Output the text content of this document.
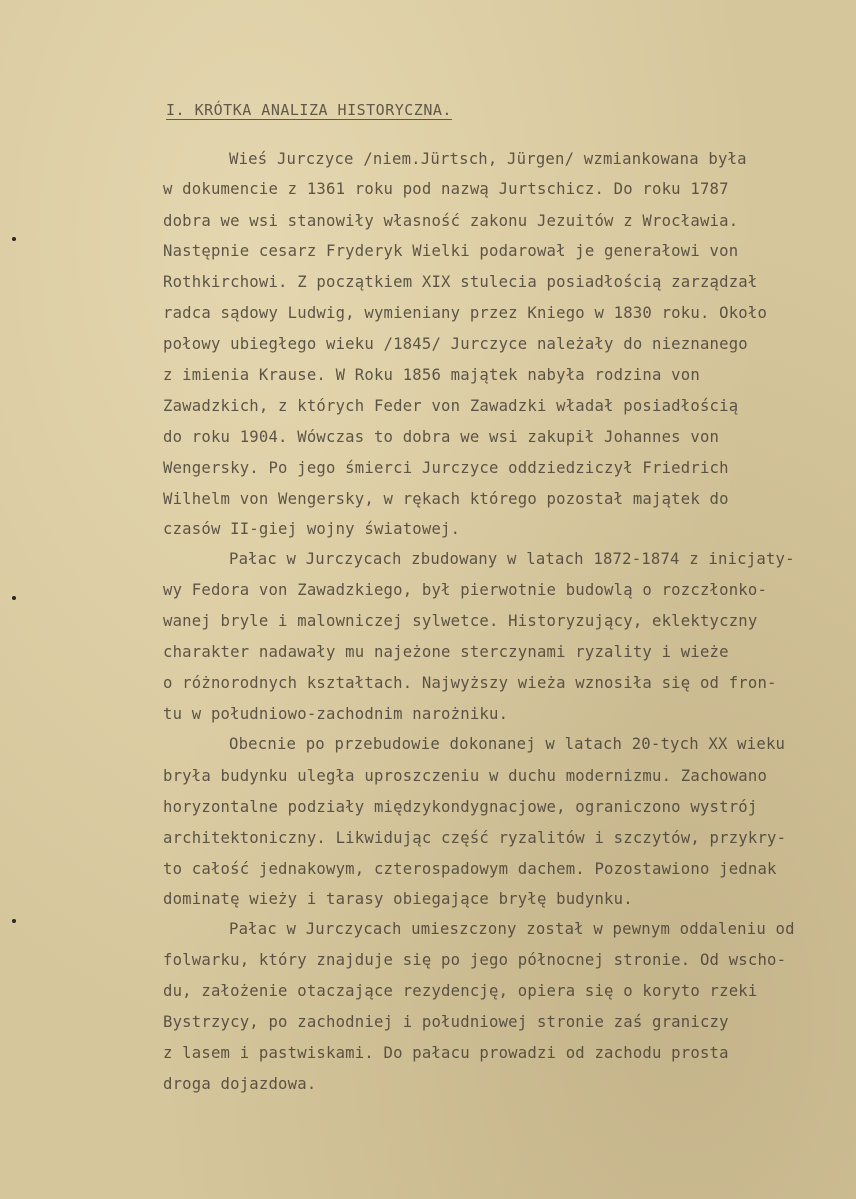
I. KRÓTKA ANALIZA HISTORYCZNA.
Wieś Jurczyce /niem.Jürtsch, Jürgen/ wzmiankowana była
w dokumencie z 1361 roku pod nazwą Jurtschicz. Do roku 1787
dobra we wsi stanowiły własność zakonu Jezuitów z Wrocławia.
Następnie cesarz Fryderyk Wielki podarował je generałowi von
Rothkirchowi. Z początkiem XIX stulecia posiadłością zarządzał
radca sądowy Ludwig, wymieniany przez Kniego w 1830 roku. Około
połowy ubiegłego wieku /1845/ Jurczyce należały do nieznanego
z imienia Krause. W Roku 1856 majątek nabyła rodzina von
Zawadzkich, z których Feder von Zawadzki władał posiadłością
do roku 1904. Wówczas to dobra we wsi zakupił Johannes von
Wengersky. Po jego śmierci Jurczyce oddziedziczył Friedrich
Wilhelm von Wengersky, w rękach którego pozostał majątek do
czasów II-giej wojny światowej.
Pałac w Jurczycach zbudowany w latach 1872-1874 z inicjaty-
wy Fedora von Zawadzkiego, był pierwotnie budowlą o rozczłonko-
wanej bryle i malowniczej sylwetce. Historyzujący, eklektyczny
charakter nadawały mu najeżone sterczynami ryzality i wieże
o różnorodnych kształtach. Najwyższy wieża wznosiła się od fron-
tu w południowo-zachodnim narożniku.
Obecnie po przebudowie dokonanej w latach 20-tych XX wieku
bryła budynku uległa uproszczeniu w duchu modernizmu. Zachowano
horyzontalne podziały międzykondygnacjowe, ograniczono wystrój
architektoniczny. Likwidując część ryzalitów i szczytów, przykry-
to całość jednakowym, czterospadowym dachem. Pozostawiono jednak
dominatę wieży i tarasy obiegające bryłę budynku.
Pałac w Jurczycach umieszczony został w pewnym oddaleniu od
folwarku, który znajduje się po jego północnej stronie. Od wscho-
du, założenie otaczające rezydencję, opiera się o koryto rzeki
Bystrzycy, po zachodniej i południowej stronie zaś graniczy
z lasem i pastwiskami. Do pałacu prowadzi od zachodu prosta
droga dojazdowa.
